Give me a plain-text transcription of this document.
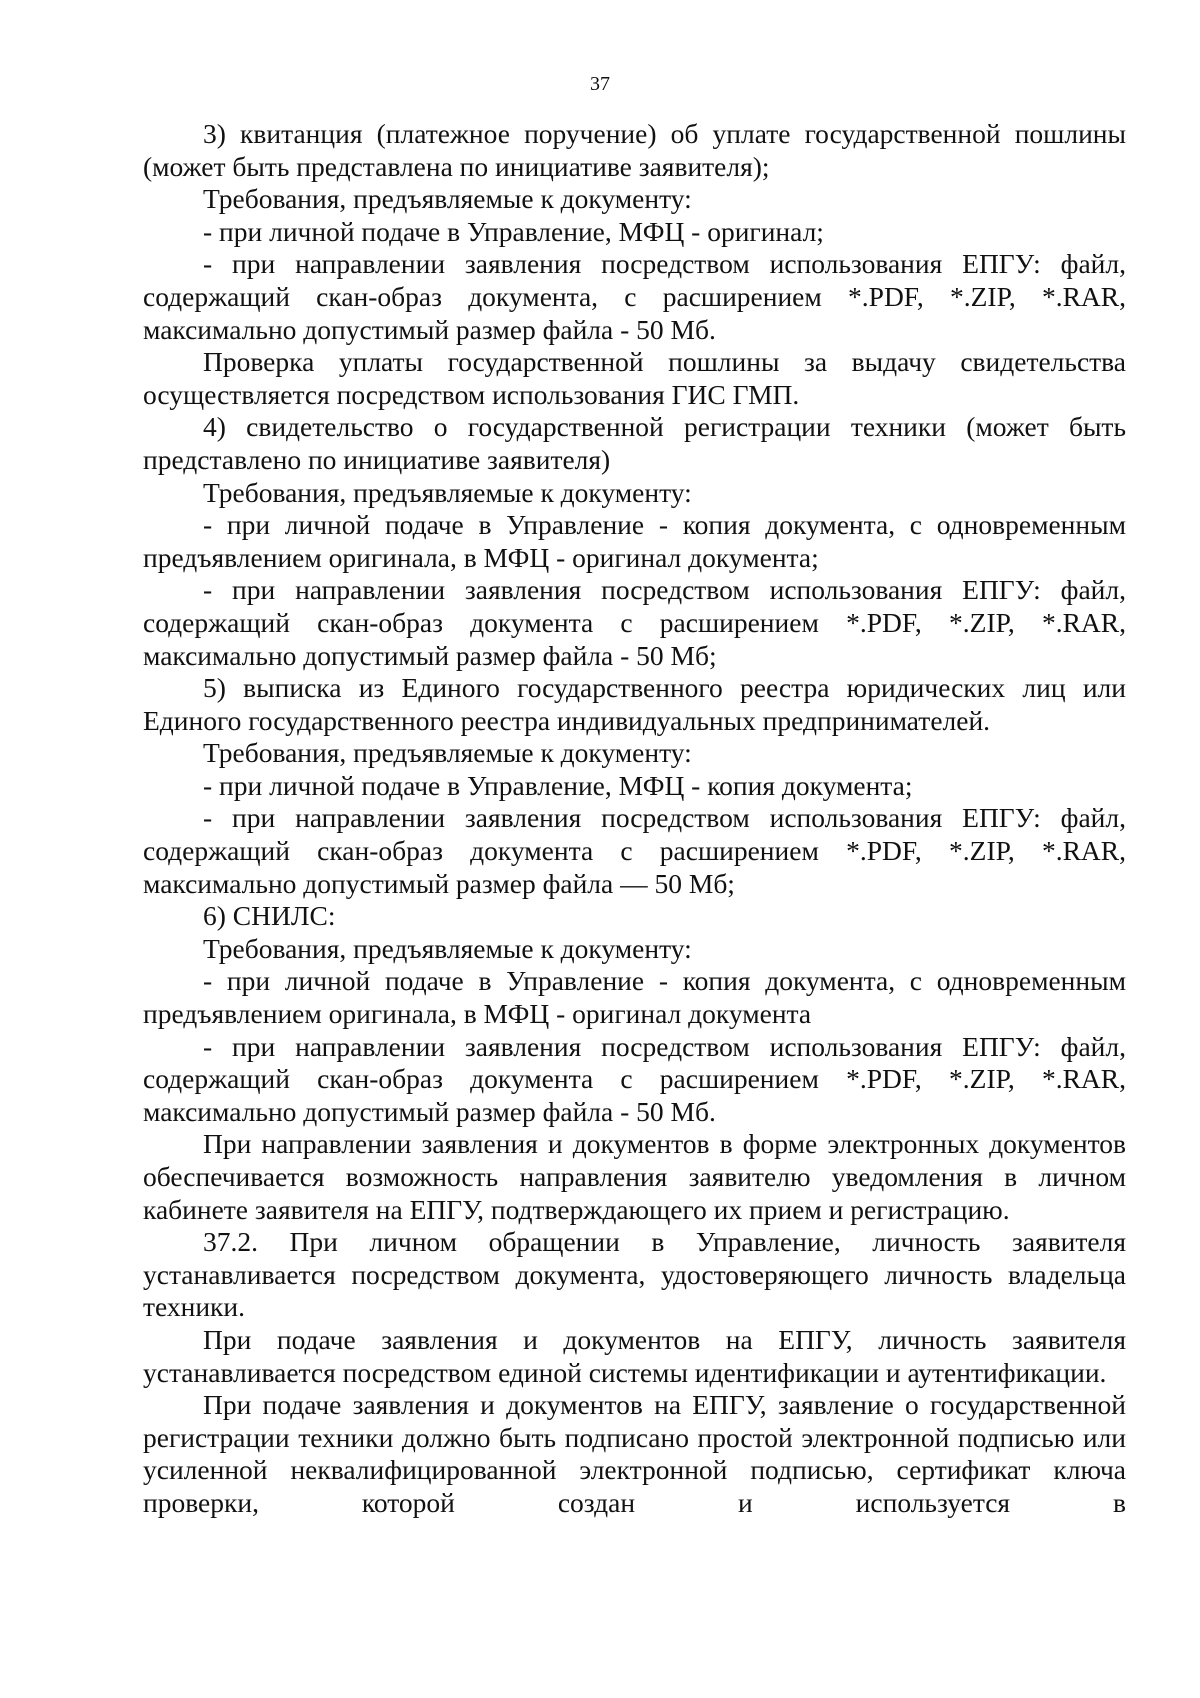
37

3) квитанция (платежное поручение) об уплате государственной пошлины (может быть представлена по инициативе заявителя);

Требования, предъявляемые к документу:

- при личной подаче в Управление, МФЦ - оригинал;

- при направлении заявления посредством использования ЕПГУ: файл, содержащий скан-образ документа, с расширением *.PDF, *.ZIP, *.RAR, максимально допустимый размер файла - 50 Мб.

Проверка уплаты государственной пошлины за выдачу свидетельства осуществляется посредством использования ГИС ГМП.

4) свидетельство о государственной регистрации техники (может быть представлено по инициативе заявителя)

Требования, предъявляемые к документу:

- при личной подаче в Управление - копия документа, с одновременным предъявлением оригинала, в МФЦ - оригинал документа;

- при направлении заявления посредством использования ЕПГУ: файл, содержащий скан-образ документа с расширением *.PDF, *.ZIP, *.RAR, максимально допустимый размер файла - 50 Мб;

5) выписка из Единого государственного реестра юридических лиц или Единого государственного реестра индивидуальных предпринимателей.

Требования, предъявляемые к документу:

- при личной подаче в Управление, МФЦ - копия документа;

- при направлении заявления посредством использования ЕПГУ: файл, содержащий скан-образ документа с расширением *.PDF, *.ZIP, *.RAR, максимально допустимый размер файла — 50 Мб;

6) СНИЛС:

Требования, предъявляемые к документу:

- при личной подаче в Управление - копия документа, с одновременным предъявлением оригинала, в МФЦ - оригинал документа

- при направлении заявления посредством использования ЕПГУ: файл, содержащий скан-образ документа с расширением *.PDF, *.ZIP, *.RAR, максимально допустимый размер файла - 50 Мб.

При направлении заявления и документов в форме электронных документов обеспечивается возможность направления заявителю уведомления в личном кабинете заявителя на ЕПГУ, подтверждающего их прием и регистрацию.

37.2. При личном обращении в Управление, личность заявителя устанавливается посредством документа, удостоверяющего личность владельца техники.

При подаче заявления и документов на ЕПГУ, личность заявителя устанавливается посредством единой системы идентификации и аутентификации.

При подаче заявления и документов на ЕПГУ, заявление о государственной регистрации техники должно быть подписано простой электронной подписью или усиленной неквалифицированной электронной подписью, сертификат ключа проверки, которой создан и используется в
